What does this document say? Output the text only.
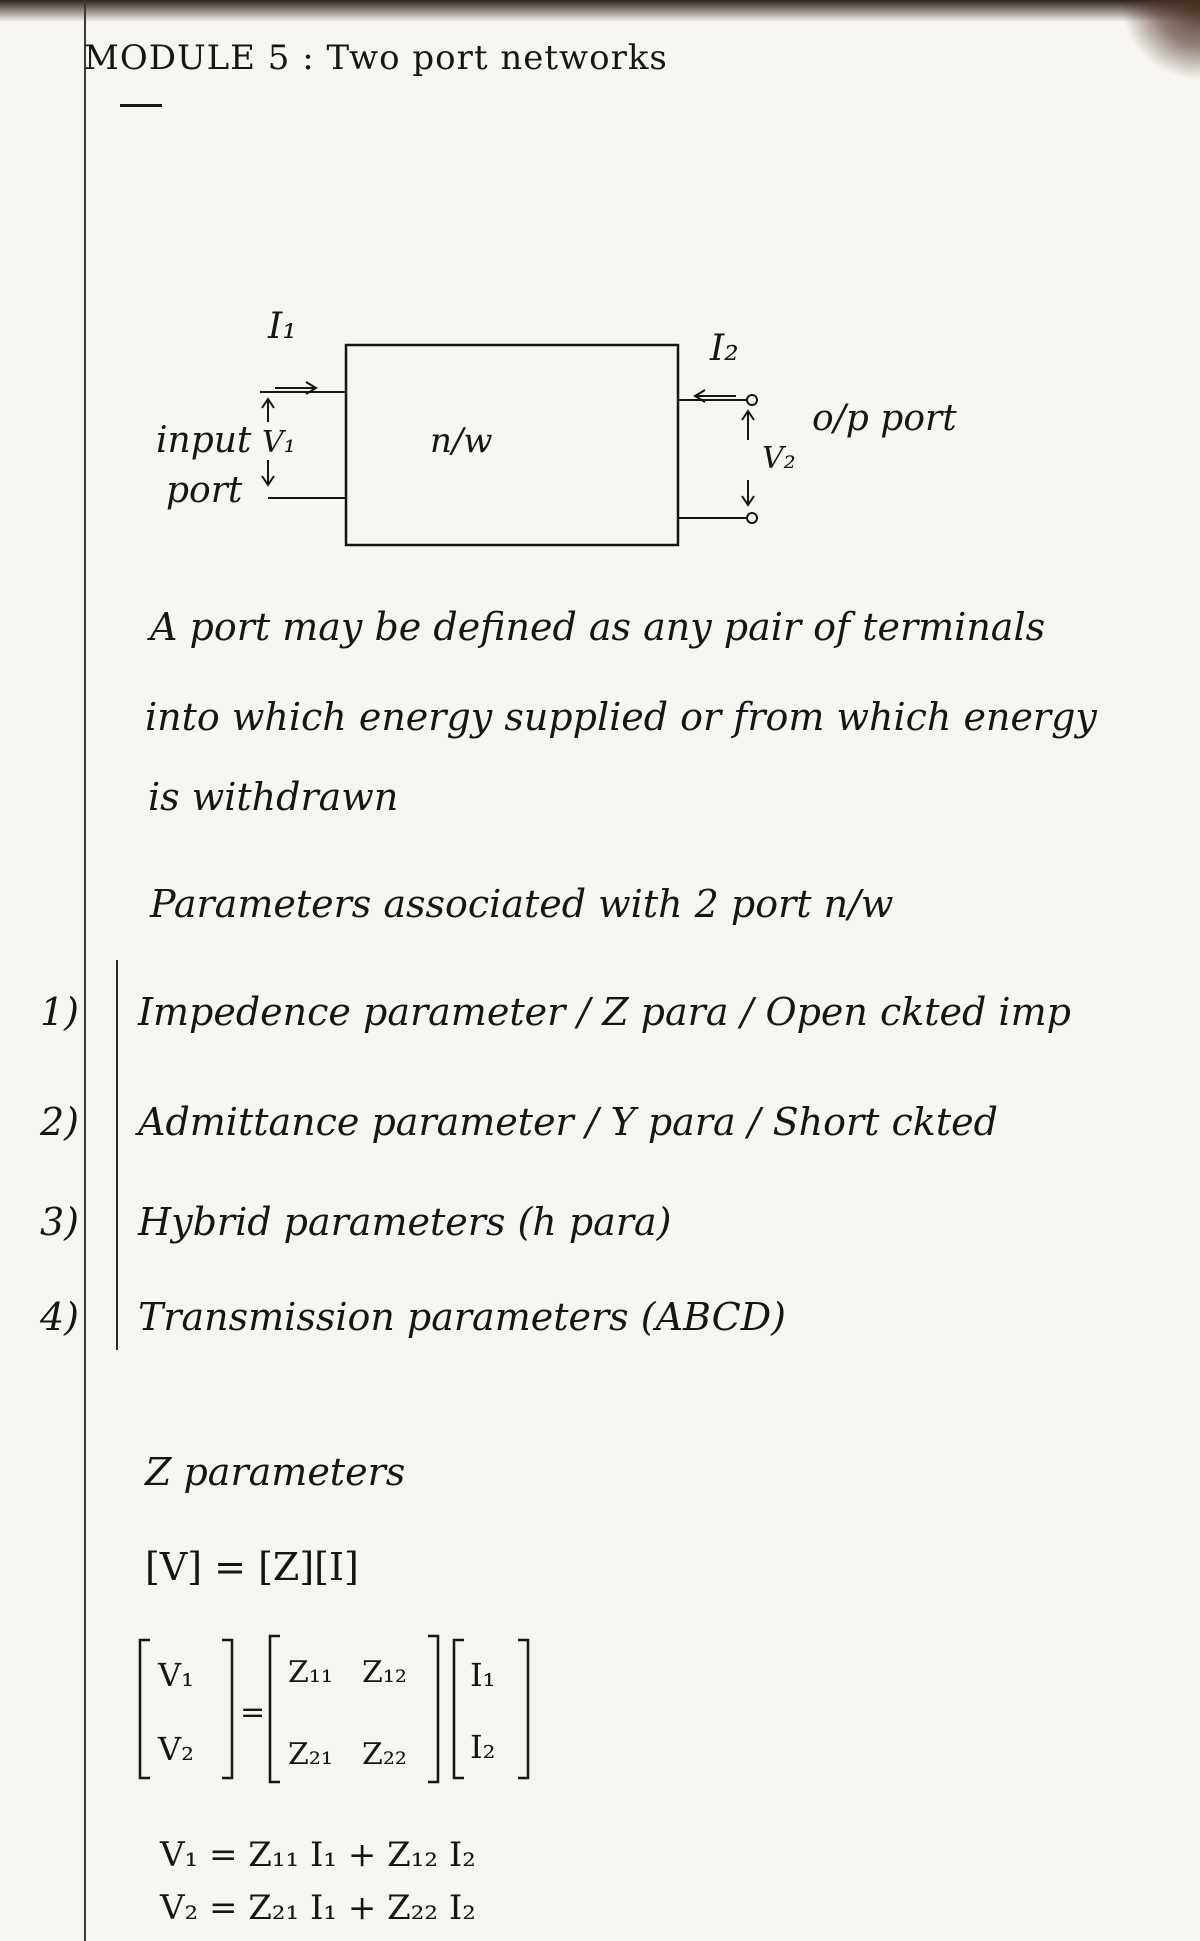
MODULE 5 : Two port networks
I₁
V₁
input
port
n/w
I₂
V₂
o/p port
A port may be defined as any pair of terminals
into which energy supplied or from which energy
is withdrawn
Parameters associated with 2 port n/w
1) Impedence parameter / Z para / Open ckted imp
2) Admittance parameter / Y para / Short ckted
3) Hybrid parameters (h para)
4) Transmission parameters (ABCD)
Z parameters
[V] = [Z][I]
V₁
V₂
=
Z₁₁ Z₁₂
Z₂₁ Z₂₂
I₁
I₂
V₁ = Z₁₁ I₁ + Z₁₂ I₂
V₂ = Z₂₁ I₁ + Z₂₂ I₂
